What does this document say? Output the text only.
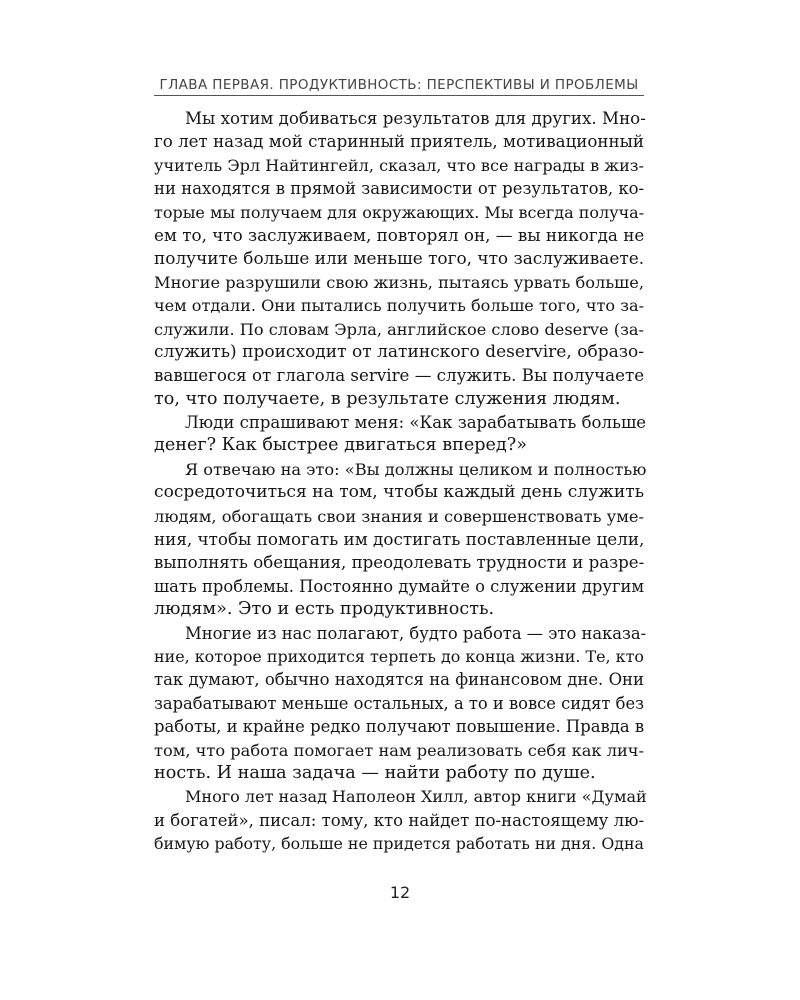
ГЛАВА ПЕРВАЯ. ПРОДУКТИВНОСТЬ: ПЕРСПЕКТИВЫ И ПРОБЛЕМЫ
Мы хотим добиваться результатов для других. Мно-
го лет назад мой старинный приятель, мотивационный
учитель Эрл Найтингейл, сказал, что все награды в жиз-
ни находятся в прямой зависимости от результатов, ко-
торые мы получаем для окружающих. Мы всегда получа-
ем то, что заслуживаем, повторял он, — вы никогда не
получите больше или меньше того, что заслуживаете.
Многие разрушили свою жизнь, пытаясь урвать больше,
чем отдали. Они пытались получить больше того, что за-
служили. По словам Эрла, английское слово deserve (за-
служить) происходит от латинского deservire, образо-
вавшегося от глагола servire — служить. Вы получаете
то, что получаете, в результате служения людям.
Люди спрашивают меня: «Как зарабатывать больше
денег? Как быстрее двигаться вперед?»
Я отвечаю на это: «Вы должны целиком и полностью
сосредоточиться на том, чтобы каждый день служить
людям, обогащать свои знания и совершенствовать уме-
ния, чтобы помогать им достигать поставленные цели,
выполнять обещания, преодолевать трудности и разре-
шать проблемы. Постоянно думайте о служении другим
людям». Это и есть продуктивность.
Многие из нас полагают, будто работа — это наказа-
ние, которое приходится терпеть до конца жизни. Те, кто
так думают, обычно находятся на финансовом дне. Они
зарабатывают меньше остальных, а то и вовсе сидят без
работы, и крайне редко получают повышение. Правда в
том, что работа помогает нам реализовать себя как лич-
ность. И наша задача — найти работу по душе.
Много лет назад Наполеон Хилл, автор книги «Думай
и богатей», писал: тому, кто найдет по-настоящему лю-
бимую работу, больше не придется работать ни дня. Одна
12
